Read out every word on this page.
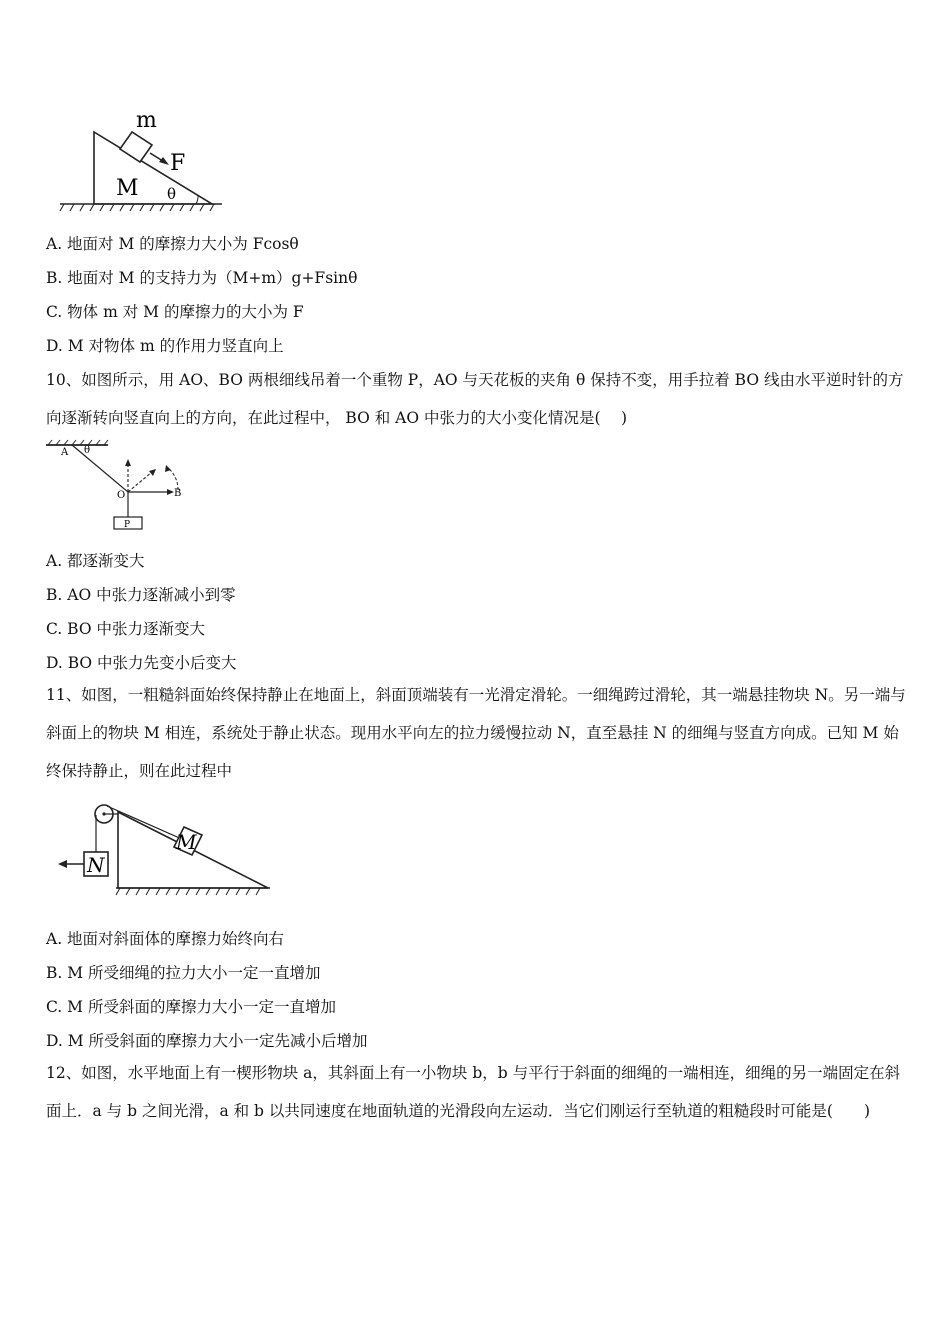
m
F
M θ
A. 地面对 M 的摩擦力大小为 Fcosθ
B. 地面对 M 的支持力为（M+m）g+Fsinθ
C. 物体 m 对 M 的摩擦力的大小为 F
D. M 对物体 m 的作用力竖直向上
10、如图所示，用 AO、BO 两根细线吊着一个重物 P，AO 与天花板的夹角 θ 保持不变，用手拉着 BO 线由水平逆时针的方向逐渐转向竖直向上的方向，在此过程中， BO 和 AO 中张力的大小变化情况是(　 )
A θ
O	B
P
A. 都逐渐变大
B. AO 中张力逐渐减小到零
C. BO 中张力逐渐变大
D. BO 中张力先变小后变大
11、如图，一粗糙斜面始终保持静止在地面上，斜面顶端装有一光滑定滑轮。一细绳跨过滑轮，其一端悬挂物块 N。另一端与斜面上的物块 M 相连，系统处于静止状态。现用水平向左的拉力缓慢拉动 N，直至悬挂 N 的细绳与竖直方向成。已知 M 始终保持静止，则在此过程中
M
N
A. 地面对斜面体的摩擦力始终向右
B. M 所受细绳的拉力大小一定一直增加
C. M 所受斜面的摩擦力大小一定一直增加
D. M 所受斜面的摩擦力大小一定先减小后增加
12、如图，水平地面上有一楔形物块 a，其斜面上有一小物块 b，b 与平行于斜面的细绳的一端相连，细绳的另一端固定在斜面上．a 与 b 之间光滑，a 和 b 以共同速度在地面轨道的光滑段向左运动．当它们刚运行至轨道的粗糙段时可能是(　　)
